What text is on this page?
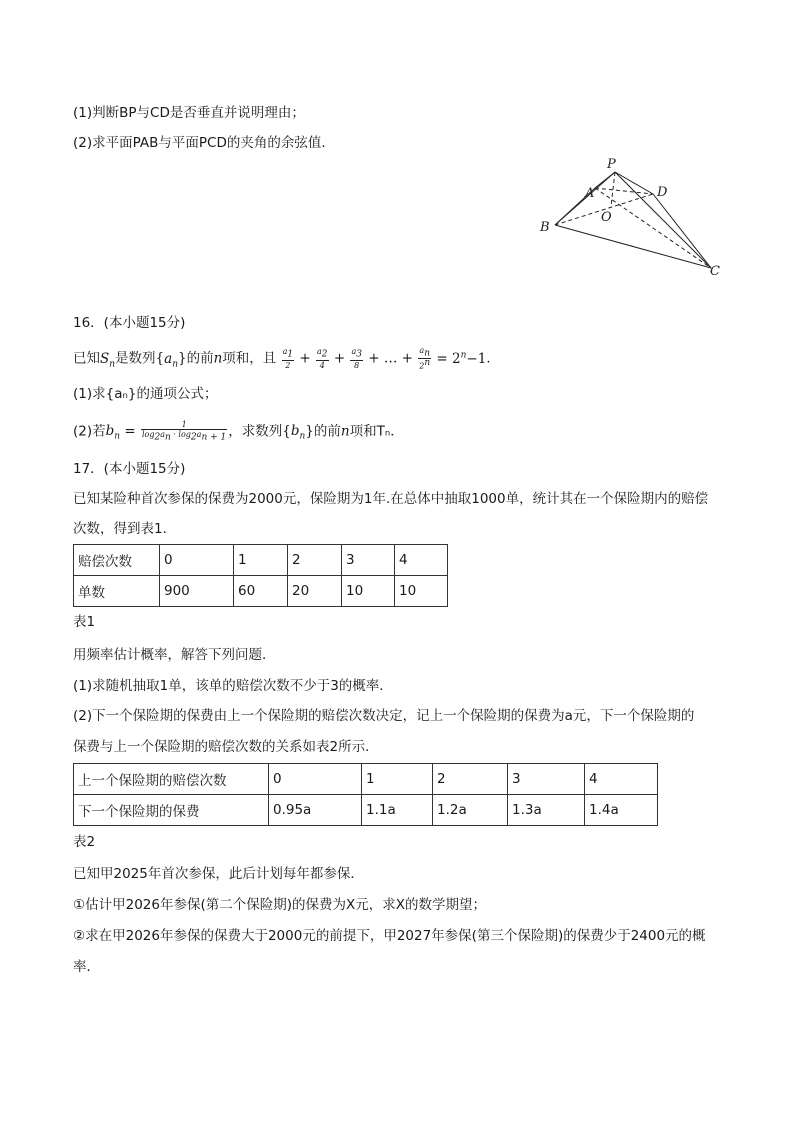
(1)判断BP与CD是否垂直并说明理由；
(2)求平面PAB与平面PCD的夹角的余弦值．
P
A	D
O
B
C
16．(本小题15分)
已知$S_n$是数列$\{a_n\}$的前n项和，且 $\frac{a_1}{2} + \frac{a_2}{4} + \frac{a_3}{8}$ + … + $\frac{a_n}{2^n} = 2^n-1$．
(1)求{aₙ}的通项公式；
(2)若$b_n = \frac{1}{\log_2a_n \cdot \log_2a_{n + 1}}$ ，求数列$\{b_n\}$的前n项和Tₙ．
17．(本小题15分)
已知某险种首次参保的保费为2000元，保险期为1年.在总体中抽取1000单，统计其在一个保险期内的赔偿
次数，得到表1．
赔偿次数	0	1	2	3	4
单数	900	60	20	10	10
表1
用频率估计概率，解答下列问题．
(1)求随机抽取1单，该单的赔偿次数不少于3的概率．
(2)下一个保险期的保费由上一个保险期的赔偿次数决定，记上一个保险期的保费为a元，下一个保险期的
保费与上一个保险期的赔偿次数的关系如表2所示．
上一个保险期的赔偿次数	0	1	2	3	4
下一个保险期的保费	0.95a	1.1a	1.2a	1.3a	1.4a
表2
已知甲2025年首次参保，此后计划每年都参保．
①估计甲2026年参保(第二个保险期)的保费为X元，求X的数学期望；
②求在甲2026年参保的保费大于2000元的前提下，甲2027年参保(第三个保险期)的保费少于2400元的概
率．
